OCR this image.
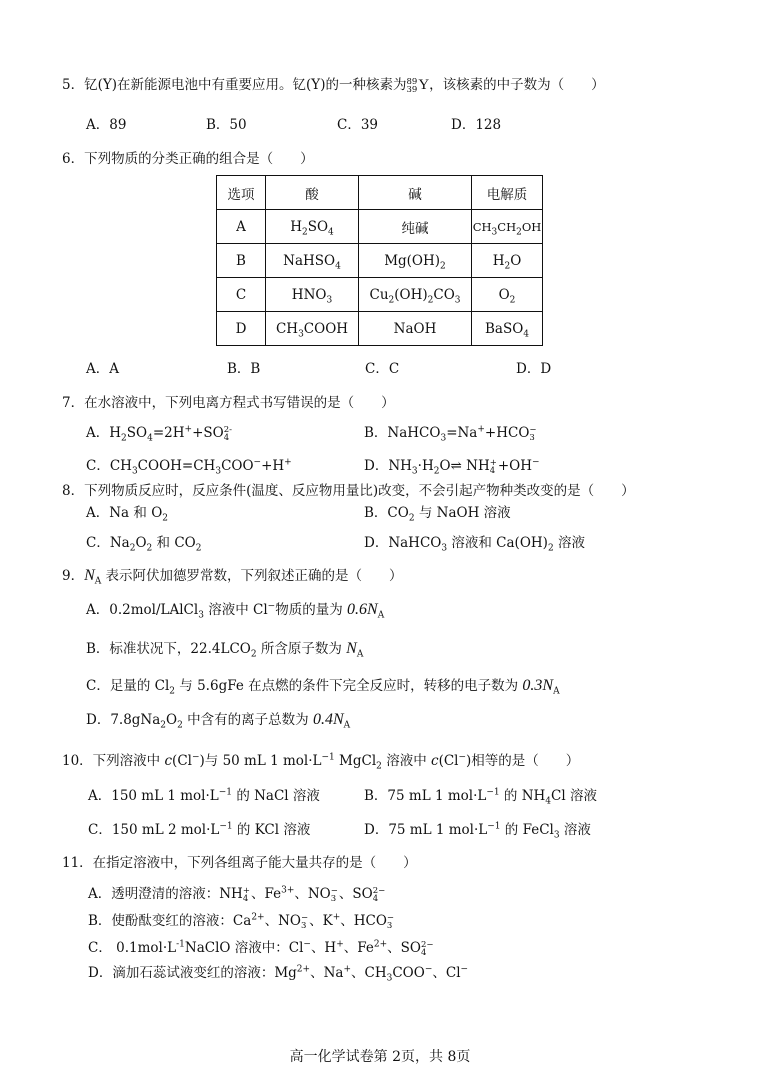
5．钇(Y)在新能源电池中有重要应用。钇(Y)的一种核素为 89
39 Y，该核素的中子数为（　　）
A．89	B．50	C．39	D．128
6．下列物质的分类正确的组合是（　　）
选项	酸	碱	电解质
A	$H_2SO_4$	纯碱	$CH_3CH_2OH$
B	NaHSO$_4$	$Mg(OH)_2$	$H_2O$
C	$HNO_3$	$Cu_2(OH)_2CO_3$	$O_2$
D	$CH_3COOH$	NaOH	BaSO$_4$
A．A	B．B	C．C	D．D
7．在水溶液中，下列电离方程式书写错误的是（　　）
A．$H_2SO_4=2H^++SO$ 2-
4	B．NaHCO$_3$=Na++HCO −
3
C．$CH_3COOH=CH_3COO^-+H^+$	D．$NH_3\cdot H_2O\rightleftharpoons$ NH +
4 +OH−
8．下列物质反应时，反应条件(温度、反应物用量比)改变，不会引起产物种类改变的是（　　）
A．Na 和 $O_2$	B．$CO_2$ 与 NaOH 溶液
C．$Na_2O_2$ 和 $CO_2$	D．NaHCO$_3$ 溶液和 $Ca(OH)_2$ 溶液
9．$N_A$ 表示阿伏加德罗常数，下列叙述正确的是（　　）
A．0.2mol/LAlCl$_3$ 溶液中 Cl−物质的量为 $0.6N_A$
B．标准状况下，$22.4LCO_2$ 所含原子数为 $N_A$
C．足量的 $Cl_2$ 与 5.6gFe 在点燃的条件下完全反应时，转移的电子数为 $0.3N_A$
D．$7.8gNa_2O_2$ 中含有的离子总数为 $0.4N_A$
10．下列溶液中 c(Cl−)与 50 mL 1 $mol\cdot L^{-1}$ MgCl$_2$ 溶液中 c(Cl−)相等的是（　　）
A．150 mL 1 $mol\cdot L^{-1}$ 的 NaCl 溶液	B．75 mL 1 $mol\cdot L^{-1}$ 的 $NH_4Cl$ 溶液
C．150 mL 2 $mol\cdot L^{-1}$ 的 KCl 溶液	D．75 mL 1 $mol\cdot L^{-1}$ 的 FeCl$_3$ 溶液
11．在指定溶液中，下列各组离子能大量共存的是（　　）
A．透明澄清的溶液：NH +
4 、$Fe^{3+}$、NO −
3 、SO 2−
4
B．使酚酞变红的溶液：$Ca^{2+}$、NO −
3 、K+、HCO −
3
C． $0.1mol\cdot L^{-1}NaClO$ 溶液中：Cl−、H+、$Fe^{2+}$、SO 2−
4
D．滴加石蕊试液变红的溶液：$Mg^{2+}$、Na+、$CH_3COO^-$、Cl−
高一化学试卷第 2页，共 8页
